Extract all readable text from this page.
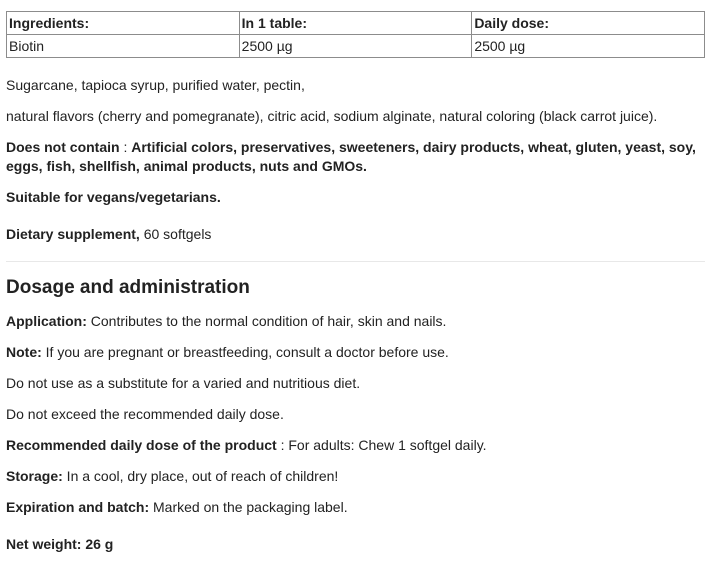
Ingredients:	In 1 table:	Daily dose:
Biotin	2500 µg	2500 µg

Sugarcane, tapioca syrup, purified water, pectin,

natural flavors (cherry and pomegranate), citric acid, sodium alginate, natural coloring (black carrot juice).

Does not contain : Artificial colors, preservatives, sweeteners, dairy products, wheat, gluten, yeast, soy, eggs, fish, shellfish, animal products, nuts and GMOs.

Suitable for vegans/vegetarians.

Dietary supplement, 60 softgels

Dosage and administration

Application: Contributes to the normal condition of hair, skin and nails.

Note: If you are pregnant or breastfeeding, consult a doctor before use.

Do not use as a substitute for a varied and nutritious diet.

Do not exceed the recommended daily dose.

Recommended daily dose of the product : For adults: Chew 1 softgel daily.

Storage: In a cool, dry place, out of reach of children!

Expiration and batch: Marked on the packaging label.

Net weight: 26 g
